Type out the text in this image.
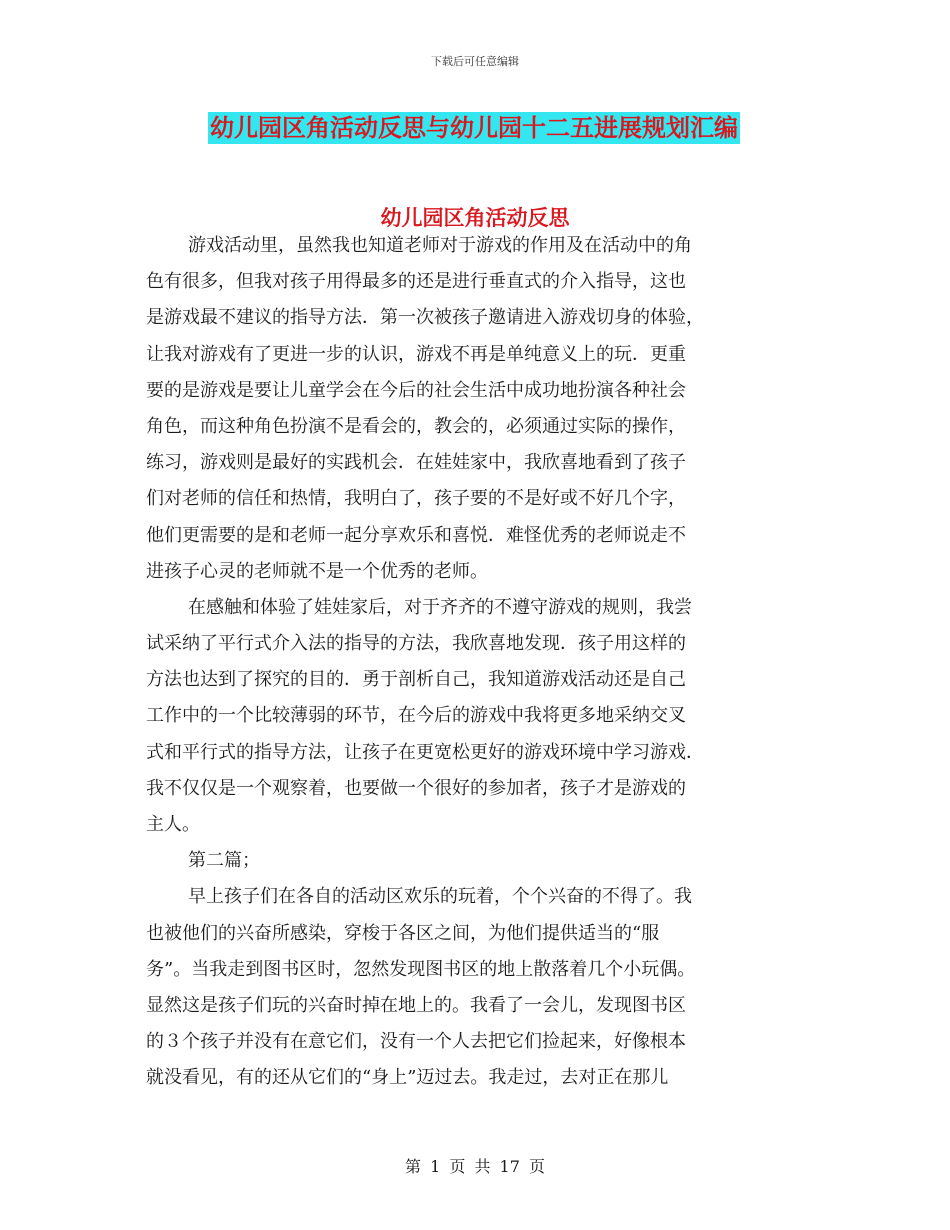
下载后可任意编辑
幼儿园区角活动反思与幼儿园十二五进展规划汇编
幼儿园区角活动反思
游戏活动里，虽然我也知道老师对于游戏的作用及在活动中的角
色有很多，但我对孩子用得最多的还是进行垂直式的介入指导，这也
是游戏最不建议的指导方法．第一次被孩子邀请进入游戏切身的体验，
让我对游戏有了更进一步的认识，游戏不再是单纯意义上的玩．更重
要的是游戏是要让儿童学会在今后的社会生活中成功地扮演各种社会
角色，而这种角色扮演不是看会的，教会的，必须通过实际的操作，
练习，游戏则是最好的实践机会．在娃娃家中，我欣喜地看到了孩子
们对老师的信任和热情，我明白了，孩子要的不是好或不好几个字，
他们更需要的是和老师一起分享欢乐和喜悦．难怪优秀的老师说走不
进孩子心灵的老师就不是一个优秀的老师。
在感触和体验了娃娃家后，对于齐齐的不遵守游戏的规则，我尝
试采纳了平行式介入法的指导的方法，我欣喜地发现．孩子用这样的
方法也达到了探究的目的．勇于剖析自己，我知道游戏活动还是自己
工作中的一个比较薄弱的环节，在今后的游戏中我将更多地采纳交叉
式和平行式的指导方法，让孩子在更宽松更好的游戏环境中学习游戏．
我不仅仅是一个观察着，也要做一个很好的参加者，孩子才是游戏的
主人。
第二篇；
早上孩子们在各自的活动区欢乐的玩着，个个兴奋的不得了。我
也被他们的兴奋所感染，穿梭于各区之间，为他们提供适当的“服
务”。当我走到图书区时，忽然发现图书区的地上散落着几个小玩偶。
显然这是孩子们玩的兴奋时掉在地上的。我看了一会儿，发现图书区
的３个孩子并没有在意它们，没有一个人去把它们捡起来，好像根本
就没看见，有的还从它们的“身上”迈过去。我走过，去对正在那儿
第 1 页 共 17 页
